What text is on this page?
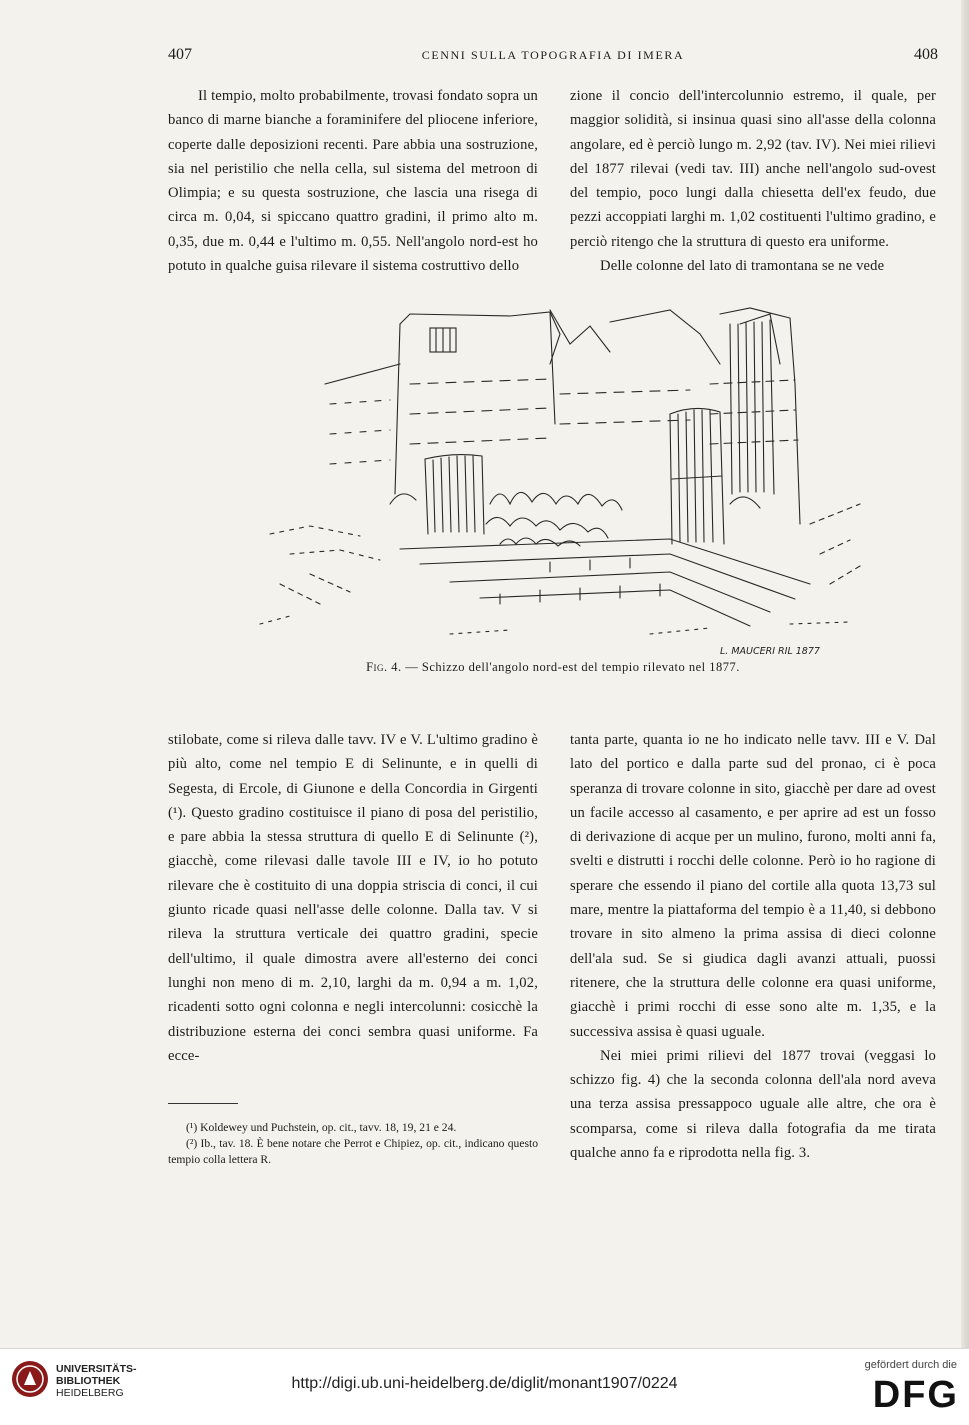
407	CENNI SULLA TOPOGRAFIA DI IMERA	408

Il tempio, molto probabilmente, trovasi fondato sopra un banco di marne bianche a foraminifere del pliocene inferiore, coperte dalle deposizioni recenti. Pare abbia una sostruzione, sia nel peristilio che nella cella, sul sistema del metroon di Olimpia; e su questa sostruzione, che lascia una risega di circa m. 0,04, si spiccano quattro gradini, il primo alto m. 0,35, due m. 0,44 e l'ultimo m. 0,55. Nell'angolo nord-est ho potuto in qualche guisa rilevare il sistema costruttivo dello

zione il concio dell'intercolunnio estremo, il quale, per maggior solidità, si insinua quasi sino all'asse della colonna angolare, ed è perciò lungo m. 2,92 (tav. IV). Nei miei rilievi del 1877 rilevai (vedi tav. III) anche nell'angolo sud-ovest del tempio, poco lungi dalla chiesetta dell'ex feudo, due pezzi accoppiati larghi m. 1,02 costituenti l'ultimo gradino, e perciò ritengo che la struttura di questo era uniforme.

Delle colonne del lato di tramontana se ne vede

L. MAUCERI RIL 1877
Fig. 4. — Schizzo dell'angolo nord-est del tempio rilevato nel 1877.

stilobate, come si rileva dalle tavv. IV e V. L'ultimo gradino è più alto, come nel tempio E di Selinunte, e in quelli di Segesta, di Ercole, di Giunone e della Concordia in Girgenti (¹). Questo gradino costituisce il piano di posa del peristilio, e pare abbia la stessa struttura di quello E di Selinunte (²), giacchè, come rilevasi dalle tavole III e IV, io ho potuto rilevare che è costituito di una doppia striscia di conci, il cui giunto ricade quasi nell'asse delle colonne. Dalla tav. V si rileva la struttura verticale dei quattro gradini, specie dell'ultimo, il quale dimostra avere all'esterno dei conci lunghi non meno di m. 2,10, larghi da m. 0,94 a m. 1,02, ricadenti sotto ogni colonna e negli intercolunni: cosicchè la distribuzione esterna dei conci sembra quasi uniforme. Fa ecce-

tanta parte, quanta io ne ho indicato nelle tavv. III e V. Dal lato del portico e dalla parte sud del pronao, ci è poca speranza di trovare colonne in sito, giacchè per dare ad ovest un facile accesso al casamento, e per aprire ad est un fosso di derivazione di acque per un mulino, furono, molti anni fa, svelti e distrutti i rocchi delle colonne. Però io ho ragione di sperare che essendo il piano del cortile alla quota 13,73 sul mare, mentre la piattaforma del tempio è a 11,40, si debbono trovare in sito almeno la prima assisa di dieci colonne dell'ala sud. Se si giudica dagli avanzi attuali, puossi ritenere, che la struttura delle colonne era quasi uniforme, giacchè i primi rocchi di esse sono alte m. 1,35, e la successiva assisa è quasi uguale.

Nei miei primi rilievi del 1877 trovai (veggasi lo schizzo fig. 4) che la seconda colonna dell'ala nord aveva una terza assisa pressappoco uguale alle altre, che ora è scomparsa, come si rileva dalla fotografia da me tirata qualche anno fa e riprodotta nella fig. 3.

(¹) Koldewey und Puchstein, op. cit., tavv. 18, 19, 21 e 24.

(²) Ib., tav. 18. È bene notare che Perrot e Chipiez, op. cit., indicano questo tempio colla lettera R.

UNIVERSITÄTS-
BIBLIOTHEK
HEIDELBERG
http://digi.ub.uni-heidelberg.de/diglit/monant1907/0224
gefördert durch die
DFG
